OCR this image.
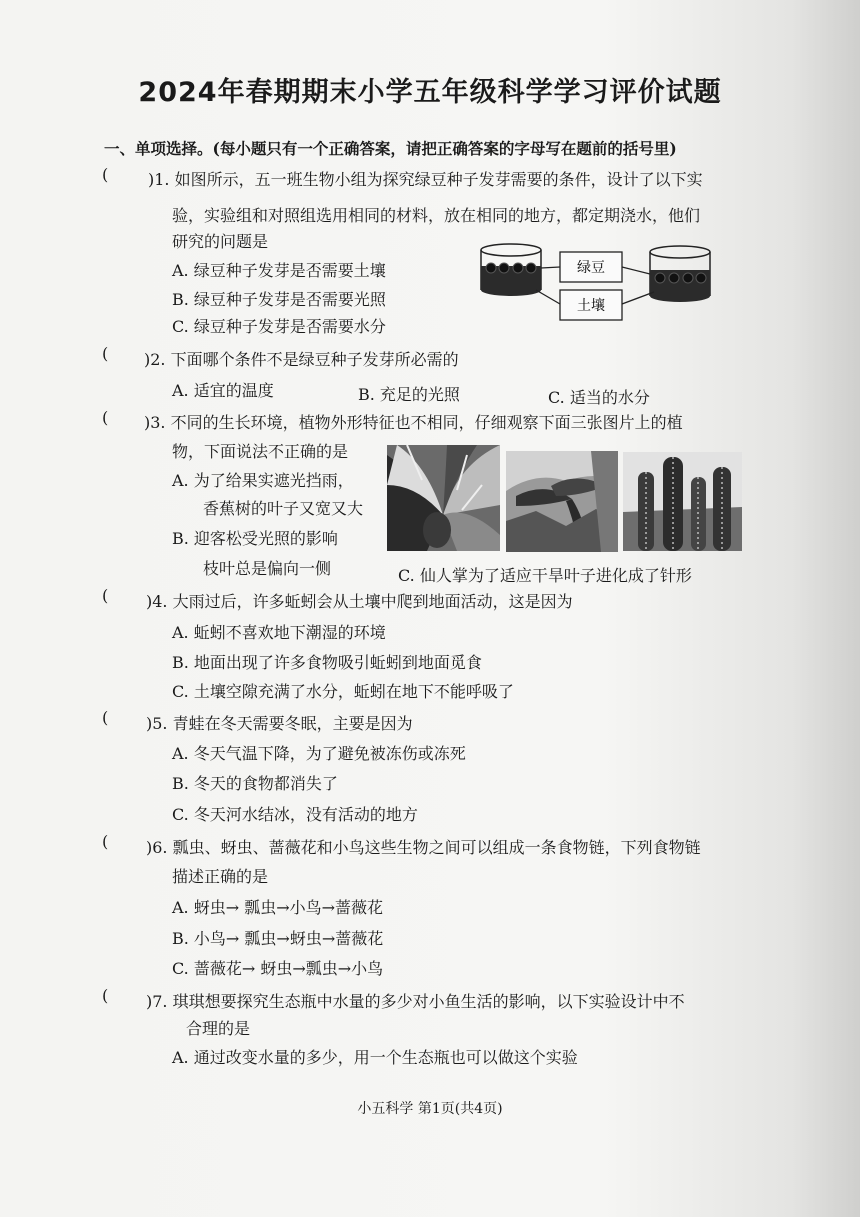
2024年春期期末小学五年级科学学习评价试题
一、单项选择。(每小题只有一个正确答案，请把正确答案的字母写在题前的括号里)
( )1. 如图所示，五一班生物小组为探究绿豆种子发芽需要的条件，设计了以下实
验，实验组和对照组选用相同的材料，放在相同的地方，都定期浇水，他们
研究的问题是
A. 绿豆种子发芽是否需要土壤
B. 绿豆种子发芽是否需要光照
C. 绿豆种子发芽是否需要水分
绿豆
土壤
( )2. 下面哪个条件不是绿豆种子发芽所必需的
A. 适宜的温度	B. 充足的光照	C. 适当的水分
( )3. 不同的生长环境，植物外形特征也不相同，仔细观察下面三张图片上的植
物，下面说法不正确的是
A. 为了给果实遮光挡雨，
香蕉树的叶子又宽又大
B. 迎客松受光照的影响
枝叶总是偏向一侧	C. 仙人掌为了适应干旱叶子进化成了针形
( )4. 大雨过后，许多蚯蚓会从土壤中爬到地面活动，这是因为
A. 蚯蚓不喜欢地下潮湿的环境
B. 地面出现了许多食物吸引蚯蚓到地面觅食
C. 土壤空隙充满了水分，蚯蚓在地下不能呼吸了
( )5. 青蛙在冬天需要冬眠，主要是因为
A. 冬天气温下降，为了避免被冻伤或冻死
B. 冬天的食物都消失了
C. 冬天河水结冰，没有活动的地方
( )6. 瓢虫、蚜虫、蔷薇花和小鸟这些生物之间可以组成一条食物链，下列食物链
描述正确的是
A. 蚜虫→ 瓢虫→小鸟→蔷薇花
B. 小鸟→ 瓢虫→蚜虫→蔷薇花
C. 蔷薇花→ 蚜虫→瓢虫→小鸟
( )7. 琪琪想要探究生态瓶中水量的多少对小鱼生活的影响，以下实验设计中不
合理的是
A. 通过改变水量的多少，用一个生态瓶也可以做这个实验
小五科学 第1页(共4页)
